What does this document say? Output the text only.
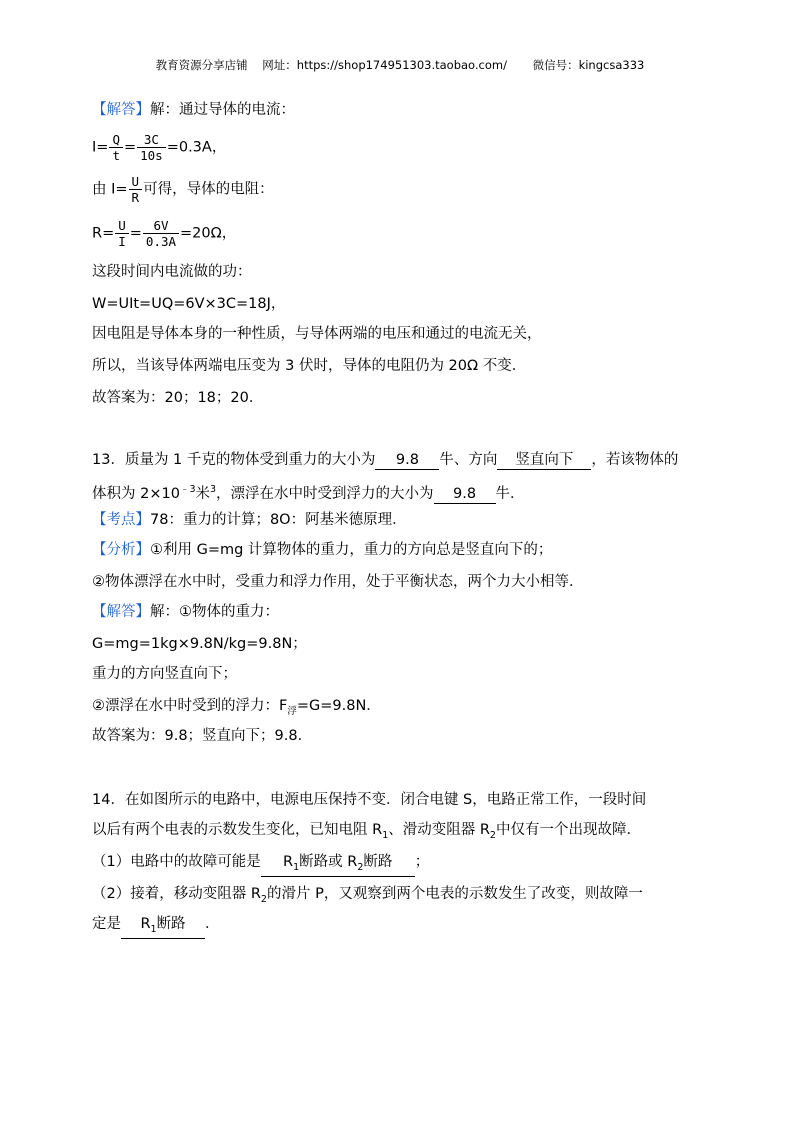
教育资源分享店铺    网址：https://shop174951303.taobao.com/       微信号：kingcsa333
【解答】解：通过导体的电流：
$I= \frac{Q}{t} = \frac{3C}{10s} =0.3A$，
由 $I= \frac{U}{R}$ 可得，导体的电阻：
$R= \frac{U}{I} = \frac{6V}{0.3A} =20\Omega$，
这段时间内电流做的功：
W=UIt=UQ=6V×3C=18J，
因电阻是导体本身的一种性质，与导体两端的电压和通过的电流无关，
所以，当该导体两端电压变为 3 伏时，导体的电阻仍为 20Ω 不变．
故答案为：20；18；20．
13．质量为 1 千克的物体受到重力的大小为 9.8 牛、方向 竖直向下 ，若该物体的
体积为 $2\times 10^{﹣3}$米$^3$，漂浮在水中时受到浮力的大小为 9.8 牛．
【考点】78：重力的计算；8O：阿基米德原理．
【分析】①利用 G=mg 计算物体的重力，重力的方向总是竖直向下的；
②物体漂浮在水中时，受重力和浮力作用，处于平衡状态，两个力大小相等．
【解答】解：①物体的重力：
G=mg=1kg×9.8N/kg=9.8N；
重力的方向竖直向下；
②漂浮在水中时受到的浮力：$F_浮=G=9.8N$．
故答案为：9.8；竖直向下；9.8．
14．在如图所示的电路中，电源电压保持不变．闭合电键 S，电路正常工作，一段时间
以后有两个电表的示数发生变化，已知电阻 $R_1$、滑动变阻器 $R_2$中仅有一个出现故障．
（1）电路中的故障可能是 $R_1$断路或 $R_2$断路 ；
（2）接着，移动变阻器 $R_2$的滑片 P，又观察到两个电表的示数发生了改变，则故障一
定是 $R_1$断路 ．
